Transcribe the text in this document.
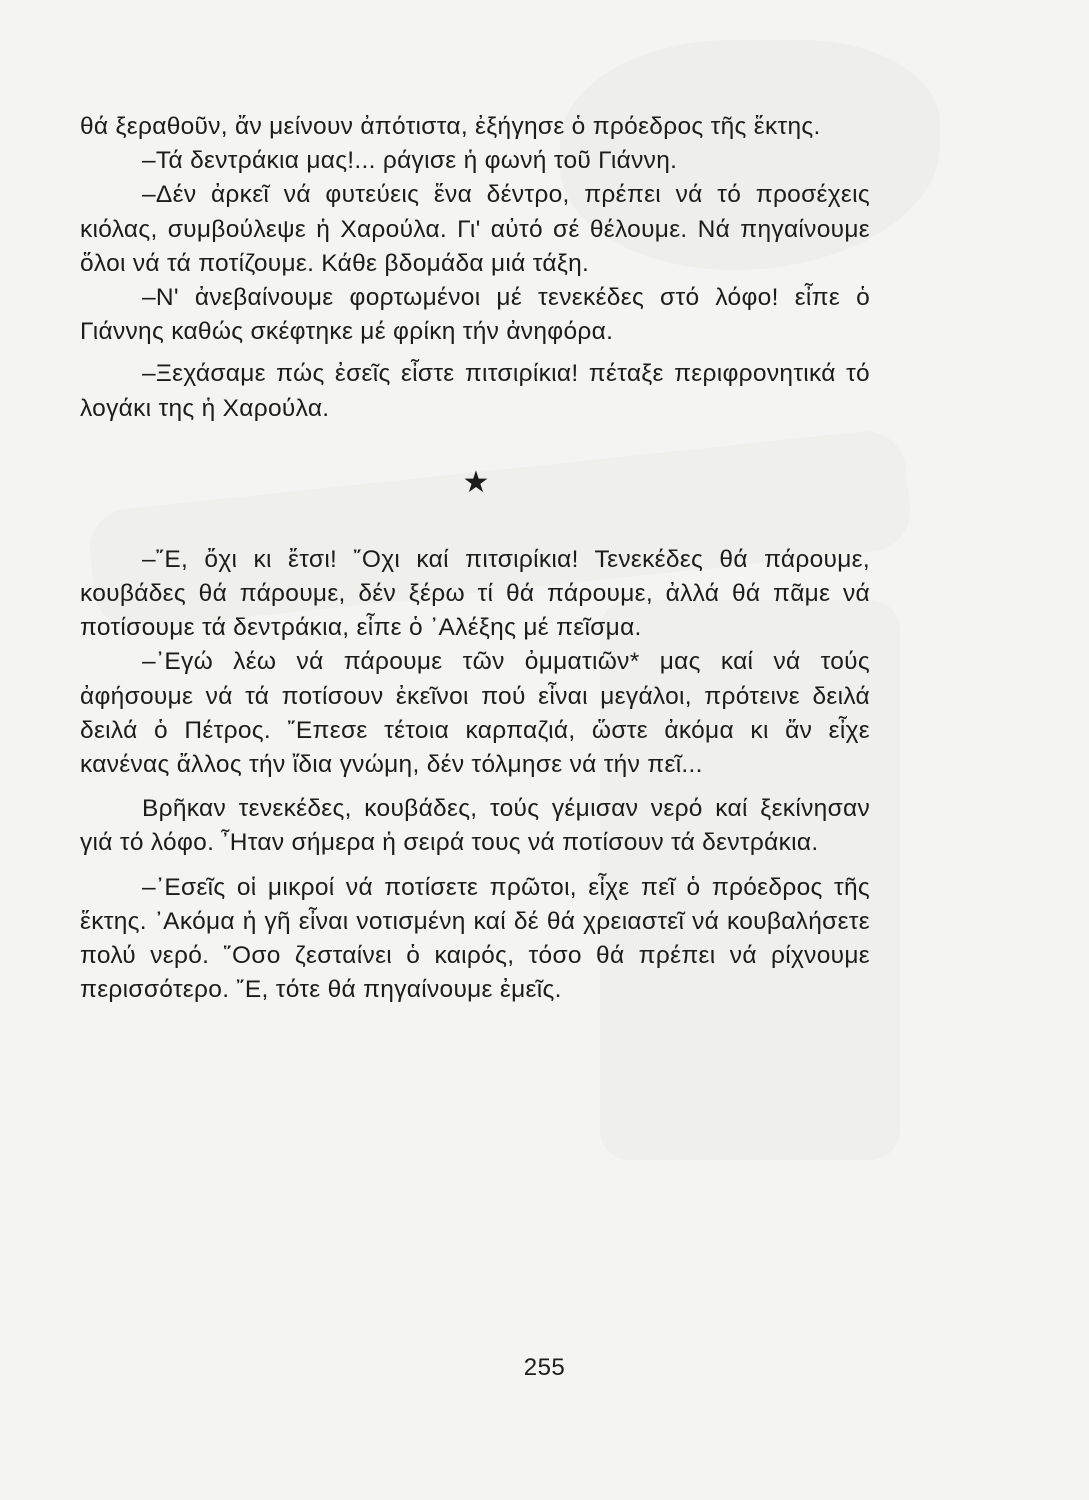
θά ξεραθοῦν, ἄν μείνουν ἀπότιστα, ἐξήγησε ὁ πρόεδρος τῆς ἕκτης.

–Τά δεντράκια μας!... ράγισε ἡ φωνή τοῦ Γιάννη.

–Δέν ἀρκεῖ νά φυτεύεις ἕνα δέντρο, πρέπει νά τό προσέχεις κιόλας, συμβούλεψε ἡ Χαρούλα. Γι' αὐτό σέ θέλουμε. Νά πηγαίνουμε ὅλοι νά τά ποτίζουμε. Κάθε βδομάδα μιά τάξη.

–Ν' ἀνεβαίνουμε φορτωμένοι μέ τενεκέδες στό λόφο! εἶπε ὁ Γιάννης καθώς σκέφτηκε μέ φρίκη τήν ἀνηφόρα.

–Ξεχάσαμε πώς ἐσεῖς εἶστε πιτσιρίκια! πέταξε περιφρονητικά τό λογάκι της ἡ Χαρούλα.

★

–῎Ε, ὄχι κι ἔτσι! ῎Οχι καί πιτσιρίκια! Τενεκέδες θά πάρουμε, κουβάδες θά πάρουμε, δέν ξέρω τί θά πάρουμε, ἀλλά θά πᾶμε νά ποτίσουμε τά δεντράκια, εἶπε ὁ ᾿Αλέξης μέ πεῖσμα.

–᾿Εγώ λέω νά πάρουμε τῶν ὀμματιῶν* μας καί νά τούς ἀφήσουμε νά τά ποτίσουν ἐκεῖνοι πού εἶναι μεγάλοι, πρότεινε δειλά δειλά ὁ Πέτρος. ῎Επεσε τέτοια καρπαζιά, ὥστε ἀκόμα κι ἄν εἶχε κανένας ἄλλος τήν ἴδια γνώμη, δέν τόλμησε νά τήν πεῖ...

Βρῆκαν τενεκέδες, κουβάδες, τούς γέμισαν νερό καί ξεκίνησαν γιά τό λόφο. ῏Ηταν σήμερα ἡ σειρά τους νά ποτίσουν τά δεντράκια.

–᾿Εσεῖς οἱ μικροί νά ποτίσετε πρῶτοι, εἶχε πεῖ ὁ πρόεδρος τῆς ἕκτης. ᾿Ακόμα ἡ γῆ εἶναι νοτισμένη καί δέ θά χρειαστεῖ νά κουβαλήσετε πολύ νερό. ῞Οσο ζεσταίνει ὁ καιρός, τόσο θά πρέπει νά ρίχνουμε περισσότερο. ῎Ε, τότε θά πηγαίνουμε ἐμεῖς.

255
